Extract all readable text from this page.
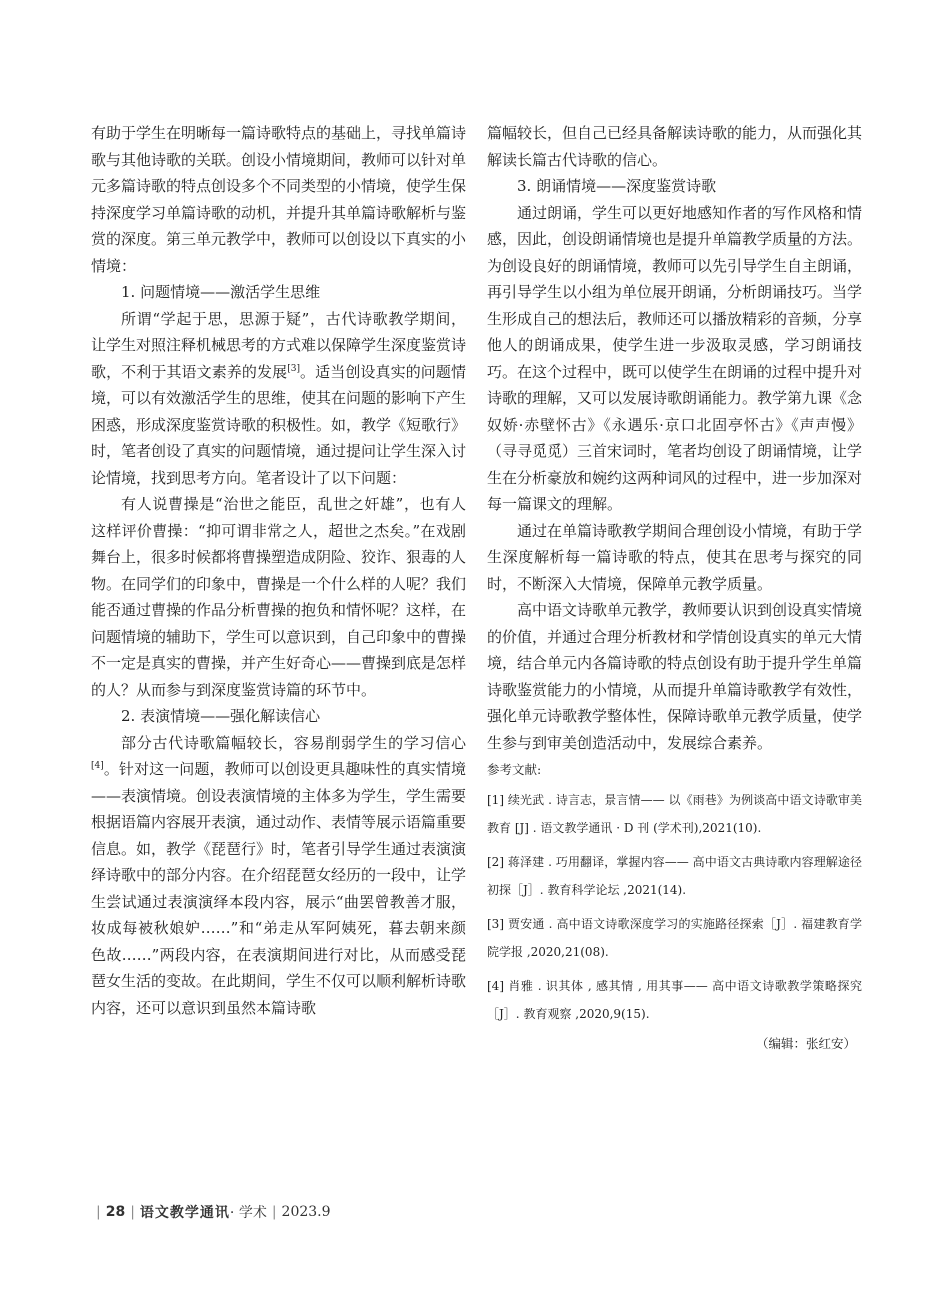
有助于学生在明晰每一篇诗歌特点的基础上，寻找单篇诗歌与其他诗歌的关联。创设小情境期间，教师可以针对单元多篇诗歌的特点创设多个不同类型的小情境，使学生保持深度学习单篇诗歌的动机，并提升其单篇诗歌解析与鉴赏的深度。第三单元教学中，教师可以创设以下真实的小情境：

1. 问题情境——激活学生思维

所谓“学起于思，思源于疑”，古代诗歌教学期间，让学生对照注释机械思考的方式难以保障学生深度鉴赏诗歌，不利于其语文素养的发展[3]。适当创设真实的问题情境，可以有效激活学生的思维，使其在问题的影响下产生困惑，形成深度鉴赏诗歌的积极性。如，教学《短歌行》时，笔者创设了真实的问题情境，通过提问让学生深入讨论情境，找到思考方向。笔者设计了以下问题：

有人说曹操是“治世之能臣，乱世之奸雄”，也有人这样评价曹操：“抑可谓非常之人，超世之杰矣。”在戏剧舞台上，很多时候都将曹操塑造成阴险、狡诈、狠毒的人物。在同学们的印象中，曹操是一个什么样的人呢？我们能否通过曹操的作品分析曹操的抱负和情怀呢？这样，在问题情境的辅助下，学生可以意识到，自己印象中的曹操不一定是真实的曹操，并产生好奇心——曹操到底是怎样的人？从而参与到深度鉴赏诗篇的环节中。

2. 表演情境——强化解读信心

部分古代诗歌篇幅较长，容易削弱学生的学习信心[4]。针对这一问题，教师可以创设更具趣味性的真实情境——表演情境。创设表演情境的主体多为学生，学生需要根据语篇内容展开表演，通过动作、表情等展示语篇重要信息。如，教学《琵琶行》时，笔者引导学生通过表演演绎诗歌中的部分内容。在介绍琵琶女经历的一段中，让学生尝试通过表演演绎本段内容，展示“曲罢曾教善才服，妆成每被秋娘妒……”和“弟走从军阿姨死，暮去朝来颜色故……”两段内容，在表演期间进行对比，从而感受琵琶女生活的变故。在此期间，学生不仅可以顺利解析诗歌内容，还可以意识到虽然本篇诗歌

篇幅较长，但自己已经具备解读诗歌的能力，从而强化其解读长篇古代诗歌的信心。

3. 朗诵情境——深度鉴赏诗歌

通过朗诵，学生可以更好地感知作者的写作风格和情感，因此，创设朗诵情境也是提升单篇教学质量的方法。为创设良好的朗诵情境，教师可以先引导学生自主朗诵，再引导学生以小组为单位展开朗诵，分析朗诵技巧。当学生形成自己的想法后，教师还可以播放精彩的音频，分享他人的朗诵成果，使学生进一步汲取灵感，学习朗诵技巧。在这个过程中，既可以使学生在朗诵的过程中提升对诗歌的理解，又可以发展诗歌朗诵能力。教学第九课《念奴娇·赤壁怀古》《永遇乐·京口北固亭怀古》《声声慢》（寻寻觅觅）三首宋词时，笔者均创设了朗诵情境，让学生在分析豪放和婉约这两种词风的过程中，进一步加深对每一篇课文的理解。

通过在单篇诗歌教学期间合理创设小情境，有助于学生深度解析每一篇诗歌的特点，使其在思考与探究的同时，不断深入大情境，保障单元教学质量。

高中语文诗歌单元教学，教师要认识到创设真实情境的价值，并通过合理分析教材和学情创设真实的单元大情境，结合单元内各篇诗歌的特点创设有助于提升学生单篇诗歌鉴赏能力的小情境，从而提升单篇诗歌教学有效性，强化单元诗歌教学整体性，保障诗歌单元教学质量，使学生参与到审美创造活动中，发展综合素养。

参考文献:

[1] 续光武 . 诗言志，景言情—— 以《雨巷》为例谈高中语文诗歌审美教育 [J] . 语文教学通讯 · D 刊 (学术刊),2021(10).

[2] 蒋泽建 . 巧用翻译，掌握内容—— 高中语文古典诗歌内容理解途径初探［J］. 教育科学论坛 ,2021(14).

[3] 贾安通 . 高中语文诗歌深度学习的实施路径探索［J］. 福建教育学院学报 ,2020,21(08).

[4] 肖雅 . 识其体 , 感其情 , 用其事—— 高中语文诗歌教学策略探究［J］. 教育观察 ,2020,9(15).

（编辑：张红安）
| 28 | 语文教学通讯 · 学术 | 2023.9
